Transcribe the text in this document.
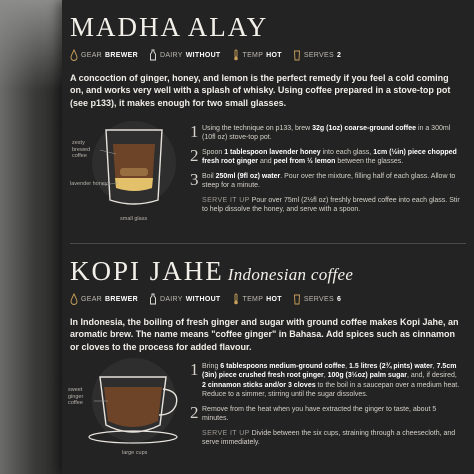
MADHA ALAY
GEAR BREWER	DAIRY WITHOUT	TEMP HOT	SERVES 2
A concoction of ginger, honey, and lemon is the perfect remedy if you feel a cold coming on, and works very well with a splash of whisky. Using coffee prepared in a stove-top pot (see p133), it makes enough for two small glasses.
zesty brewed coffee
lavender honey
small glass
1 Using the technique on p133, brew 32g (1oz) coarse-ground coffee in a 300ml (10fl oz) stove-top pot.
2 Spoon 1 tablespoon lavender honey into each glass, 1cm (½in) piece chopped fresh root ginger and peel from ½ lemon between the glasses.
3 Boil 250ml (9fl oz) water. Pour over the mixture, filling half of each glass. Allow to steep for a minute.
SERVE IT UP Pour over 75ml (2½fl oz) freshly brewed coffee into each glass. Stir to help dissolve the honey, and serve with a spoon.
KOPI JAHE Indonesian coffee
GEAR BREWER	DAIRY WITHOUT	TEMP HOT	SERVES 6
In Indonesia, the boiling of fresh ginger and sugar with ground coffee makes Kopi Jahe, an aromatic brew. The name means "coffee ginger" in Bahasa. Add spices such as cinnamon or cloves to the process for added flavour.
sweet ginger coffee
large cups
1 Bring 6 tablespoons medium-ground coffee, 1.5 litres (2¾ pints) water, 7.5cm (3in) piece crushed fresh root ginger, 100g (3½oz) palm sugar, and, if desired, 2 cinnamon sticks and/or 3 cloves to the boil in a saucepan over a medium heat. Reduce to a simmer, stirring until the sugar dissolves.
2 Remove from the heat when you have extracted the ginger to taste, about 5 minutes.
SERVE IT UP Divide between the six cups, straining through a cheesecloth, and serve immediately.
